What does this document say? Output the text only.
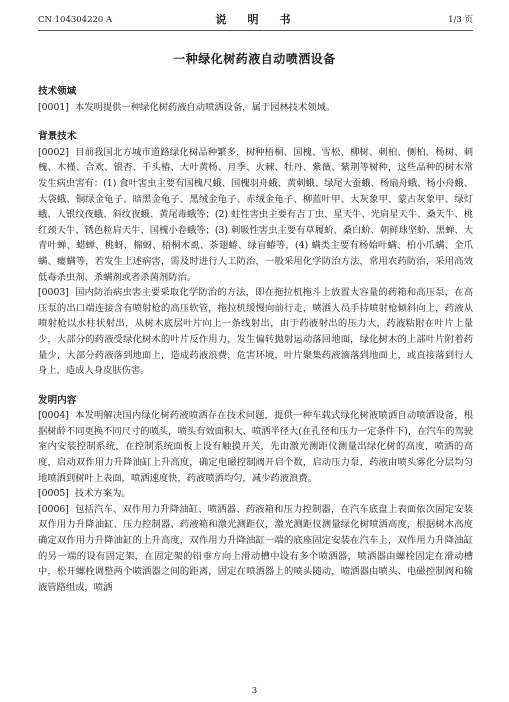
CN 104304220 A	说　明　书	1/3 页
一种绿化树药液自动喷洒设备

技术领域

[0001] 本发明提供一种绿化树药液自动喷洒设备，属于园林技术领域。

背景技术

[0002] 目前我国北方城市道路绿化树品种繁多，树种梧桐、国槐、雪松、柳树、刺柏、侧柏、杨树、刺槐、木槿、合欢、银杏、千头椿、大叶黄杨、月季、火棘、牡丹、紫薇、紫荆等树种，这些品种的树木常发生病虫害有：(1) 食叶害虫主要有国槐尺蛾、国槐羽舟蛾、黄刺蛾、绿尾大蚕蛾、杨扇舟蛾、杨小舟蛾、大袋蛾、铜绿金龟子、暗黑金龟子、黑绒金龟子、赤绒金龟子、柳蓝叶甲、大灰象甲、蒙古灰象甲、绿灯蛾、人银纹夜蛾、斜纹夜蛾、黄尾毒蛾等；(2) 蛀性害虫主要有吉丁虫、星天牛、光肩星天牛、桑天牛、桃红颈天牛、锈色粒肩天牛、国槐小卷蛾等；(3) 刺吸性害虫主要有草履蚧、桑白蚧、朝鲜球坚蚧、黑蝉、大青叶蝉、蜡蝉、桃蚜、棉蚜、梧桐木虱、茶翅蝽、绿盲蝽等，(4) 螨类主要有杨始叶螨、柏小爪螨、全爪螨、瘿螨等，若发生上述病害，需及时进行人工防治，一般采用化学防治方法，常用农药防治，采用高效低毒杀虫剂、杀螨剂或者杀菌剂防治。

[0003] 国内防治病虫害主要采取化学防治的方法，即在拖拉机拖斗上放置大容量的药箱和高压泵，在高压泵的出口端连接含有喷射枪的高压软管，拖拉机缓慢向前行走，喷洒人员手持喷射枪倾斜向上，药液从喷射枪以水柱状射出，从树木底层叶片向上一条线射出，由于药液射出的压力大，药液粘附在叶片上量少，大部分的药液受绿化树木的叶片反作用力，发生偏转抛射运动落回地面，绿化树木的上部叶片附着药量少，大部分药液落到地面上，造成药液浪费，危害环境，叶片聚集药液滴落到地面上，或直接落到行人身上，造成人身皮肤伤害。

发明内容

[0004] 本发明解决国内绿化树药液喷洒存在技术问题，提供一种车载式绿化树液喷洒自动喷洒设备，根据树龄不同更换不同尺寸的喷头，喷头有效面积大、喷洒半径大(在孔径和压力一定条件下)，在汽车的驾驶室内安装控制系统，在控制系统面板上设有触摸开关，先由激光测距仪测量出绿化树的高度，喷洒的高度，启动双作用力升降油缸上升高度，确定电磁控制阀开启个数，启动压力泵，药液由喷头雾化分层均匀地喷洒到树叶上表面，喷洒速度快，药液喷洒均匀，减少药液浪费。

[0005] 技术方案为。

[0006] 包括汽车、双作用力升降油缸、喷洒器、药液箱和压力控制器，在汽车底盘上表面依次固定安装双作用力升降油缸、压力控制器、药液箱和激光测距仪，激光测距仪测量绿化树喷洒高度，根据树木高度确定双作用力升降油缸的上升高度，双作用力升降油缸一端的底座固定安装在汽车上，双作用力升降油缸的另一端的设有固定架，在固定架的铅垂方向上滑动槽中设有多个喷洒器，喷洒器由螺栓固定在滑动槽中，松开螺栓调整两个喷洒器之间的距离，固定在喷洒器上的喷头随动，喷洒器由喷头、电磁控制阀和输液管路组成，喷洒

3
